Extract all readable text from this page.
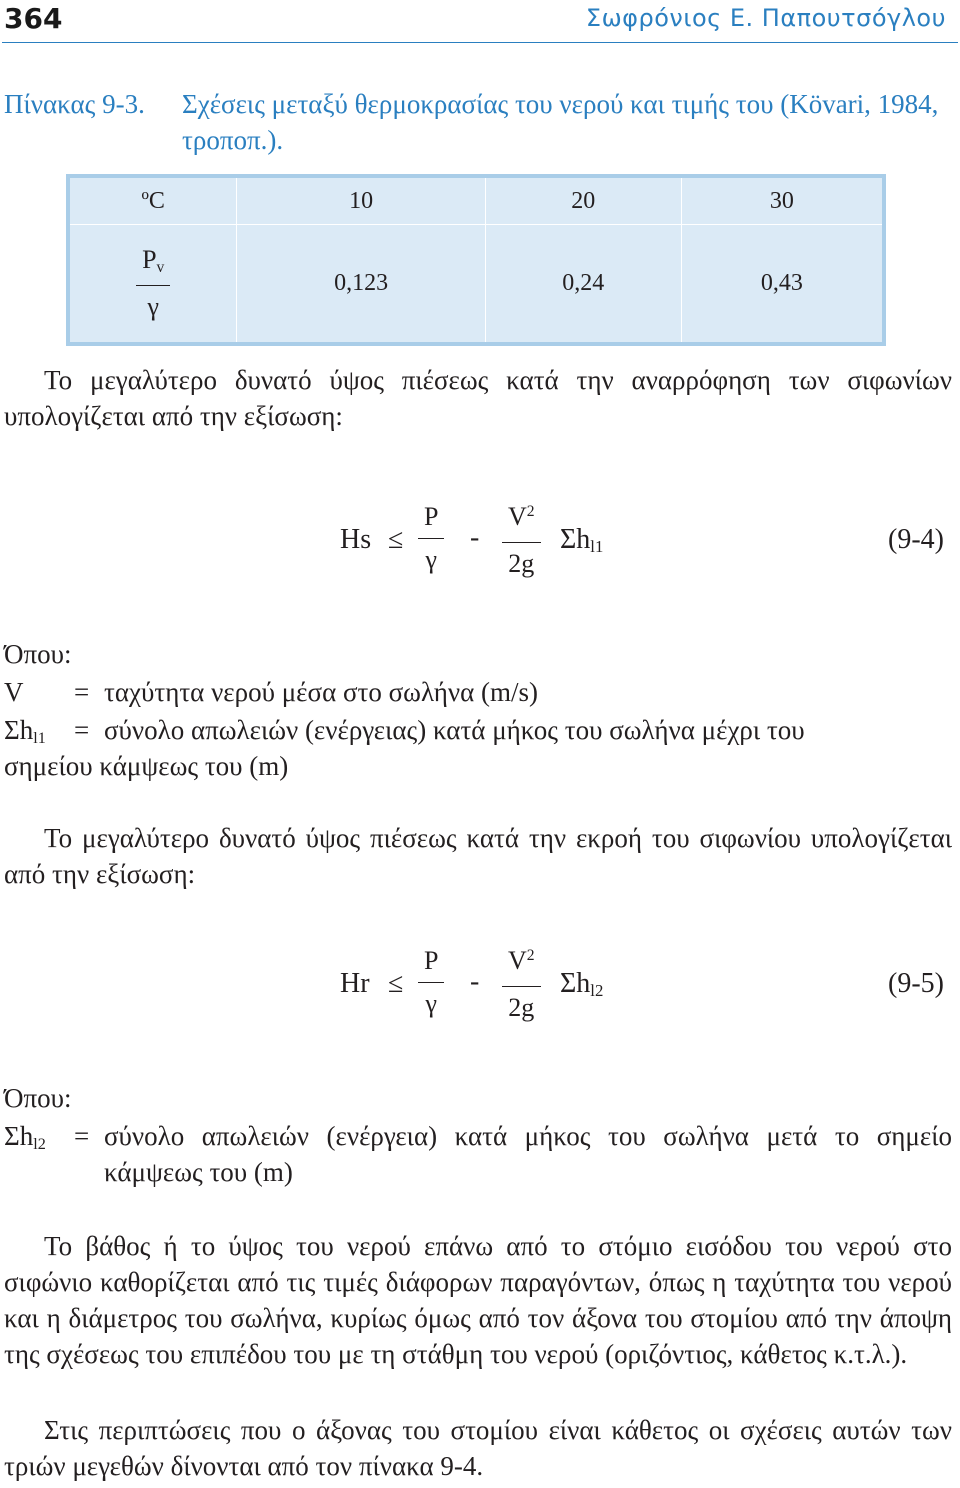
364	Σωφρόνιος Ε. Παπουτσόγλου
Πίνακας 9-3. Σχέσεις μεταξύ θερμοκρασίας του νερού και τιμής του (Kövari, 1984, τροποπ.).
ºC	10	20	30

$\frac{P_v}{\gamma}$	0,123	0,24	0,43

Το μεγαλύτερο δυνατό ύψος πιέσεως κατά την αναρρόφηση των σιφωνίων υπολογίζεται από την εξίσωση:

Hs ≤
P
γ
-
$V^2$
2g
$\Sigma h_{l1}$	(9-4)
Όπου:
V = ταχύτητα νερού μέσα στο σωλήνα (m/s)
$\Sigma h_{l1} = \sigma ύ\nu o\lambda o$ απωλειών (ενέργειας) κατά μήκος του σωλήνα μέχρι του
σημείου κάμψεως του (m)

Το μεγαλύτερο δυνατό ύψος πιέσεως κατά την εκροή του σιφωνίου υπολογίζεται από την εξίσωση:

Hr ≤
P
γ
-
$V^2$
2g
$\Sigma h_{l2}$	(9-5)
Όπου:
$\Sigma h_{l2} = \sigma ύ\nu o\lambda o$ απωλειών (ενέργεια) κατά μήκος του σωλήνα μετά το σημείο κάμψεως του (m)

Το βάθος ή το ύψος του νερού επάνω από το στόμιο εισόδου του νερού στο σιφώνιο καθορίζεται από τις τιμές διάφορων παραγόντων, όπως η ταχύτητα του νερού και η διάμετρος του σωλήνα, κυρίως όμως από τον άξονα του στομίου από την άποψη της σχέσεως του επιπέδου του με τη στάθμη του νερού (οριζόντιος, κάθετος κ.τ.λ.).

Στις περιπτώσεις που ο άξονας του στομίου είναι κάθετος οι σχέσεις αυτών των τριών μεγεθών δίνονται από τον πίνακα 9-4.
